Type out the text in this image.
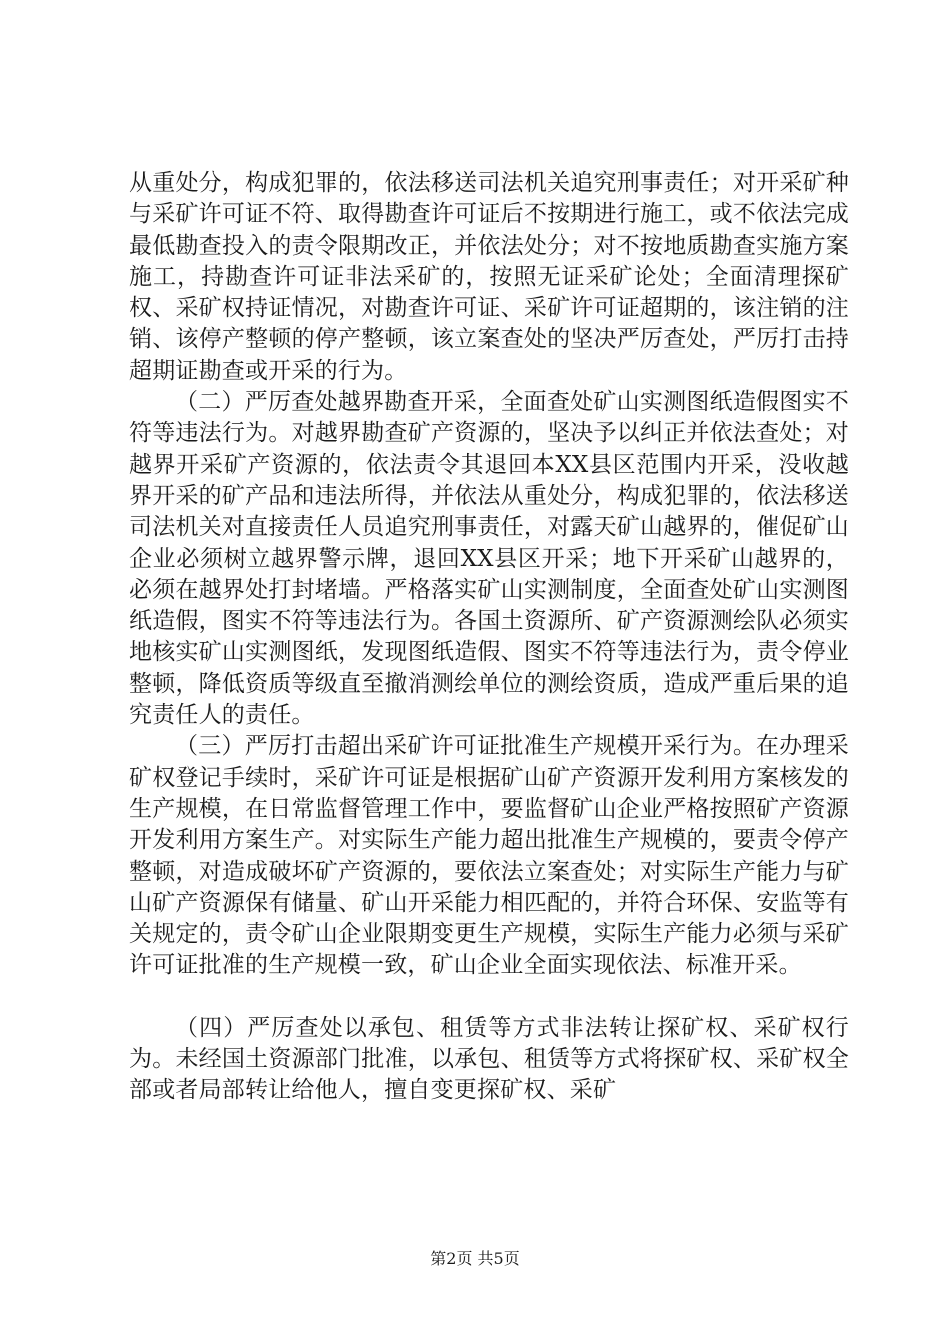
从重处分，构成犯罪的，依法移送司法机关追究刑事责任；对开采矿种与采矿许可证不符、取得勘查许可证后不按期进行施工，或不依法完成最低勘查投入的责令限期改正，并依法处分；对不按地质勘查实施方案施工，持勘查许可证非法采矿的，按照无证采矿论处；全面清理探矿权、采矿权持证情况，对勘查许可证、采矿许可证超期的，该注销的注销、该停产整顿的停产整顿，该立案查处的坚决严厉查处，严厉打击持超期证勘查或开采的行为。

（二）严厉查处越界勘查开采，全面查处矿山实测图纸造假图实不符等违法行为。对越界勘查矿产资源的，坚决予以纠正并依法查处；对越界开采矿产资源的，依法责令其退回本XX县区范围内开采，没收越界开采的矿产品和违法所得，并依法从重处分，构成犯罪的，依法移送司法机关对直接责任人员追究刑事责任，对露天矿山越界的，催促矿山企业必须树立越界警示牌，退回XX县区开采；地下开采矿山越界的，必须在越界处打封堵墙。严格落实矿山实测制度，全面查处矿山实测图纸造假，图实不符等违法行为。各国土资源所、矿产资源测绘队必须实地核实矿山实测图纸，发现图纸造假、图实不符等违法行为，责令停业整顿，降低资质等级直至撤消测绘单位的测绘资质，造成严重后果的追究责任人的责任。

（三）严厉打击超出采矿许可证批准生产规模开采行为。在办理采矿权登记手续时，采矿许可证是根据矿山矿产资源开发利用方案核发的生产规模，在日常监督管理工作中，要监督矿山企业严格按照矿产资源开发利用方案生产。对实际生产能力超出批准生产规模的，要责令停产整顿，对造成破坏矿产资源的，要依法立案查处；对实际生产能力与矿山矿产资源保有储量、矿山开采能力相匹配的，并符合环保、安监等有关规定的，责令矿山企业限期变更生产规模，实际生产能力必须与采矿许可证批准的生产规模一致，矿山企业全面实现依法、标准开采。

（四）严厉查处以承包、租赁等方式非法转让探矿权、采矿权行为。未经国土资源部门批准，以承包、租赁等方式将探矿权、采矿权全部或者局部转让给他人，擅自变更探矿权、采矿

第2页 共5页
